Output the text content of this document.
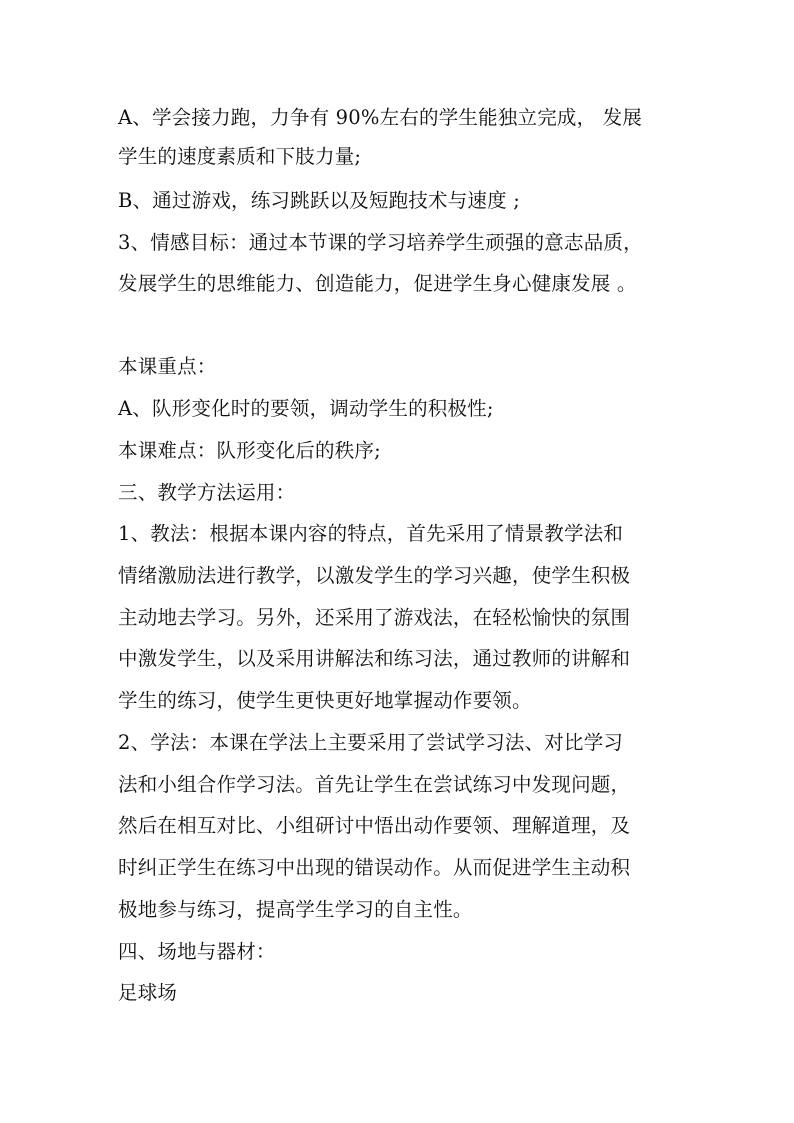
A、学会接力跑，力争有 90%左右的学生能独立完成， 发展
学生的速度素质和下肢力量;
B、通过游戏，练习跳跃以及短跑技术与速度 ;
3、情感目标：通过本节课的学习培养学生顽强的意志品质，
发展学生的思维能力、创造能力，促进学生身心健康发展 。
本课重点：
A、队形变化时的要领，调动学生的积极性;
本课难点：队形变化后的秩序;
三、教学方法运用：
1、教法：根据本课内容的特点，首先采用了情景教学法和
情绪激励法进行教学，以激发学生的学习兴趣，使学生积极
主动地去学习。另外，还采用了游戏法，在轻松愉快的氛围
中激发学生，以及采用讲解法和练习法，通过教师的讲解和
学生的练习，使学生更快更好地掌握动作要领。
2、学法：本课在学法上主要采用了尝试学习法、对比学习
法和小组合作学习法。首先让学生在尝试练习中发现问题，
然后在相互对比、小组研讨中悟出动作要领、理解道理，及
时纠正学生在练习中出现的错误动作。从而促进学生主动积
极地参与练习，提高学生学习的自主性。
四、场地与器材：
足球场
